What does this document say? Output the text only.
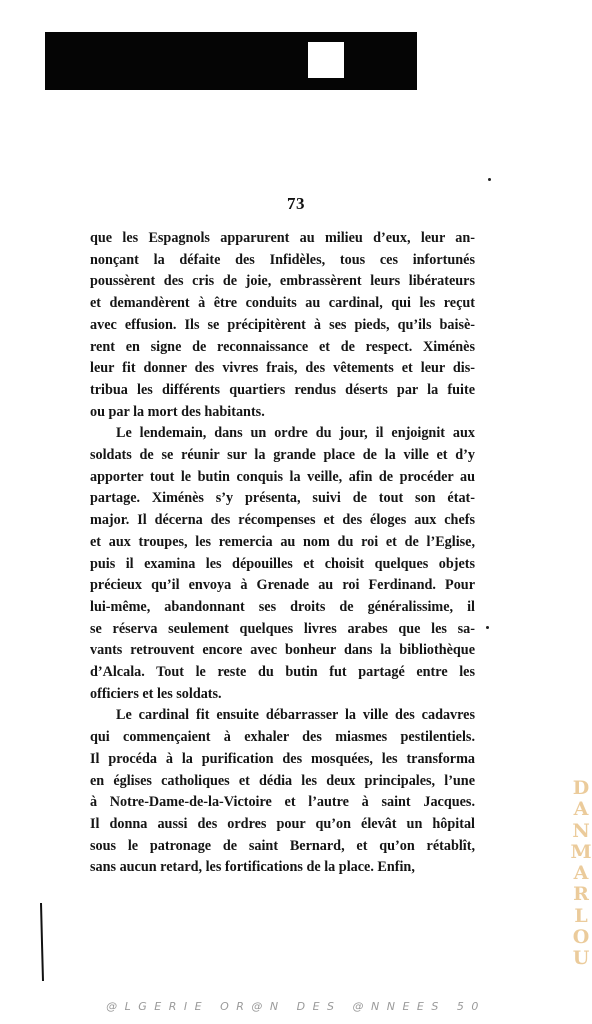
73
que les Espagnols apparurent au milieu d’eux, leur an-
nonçant la défaite des Infidèles, tous ces infortunés
poussèrent des cris de joie, embrassèrent leurs libérateurs
et demandèrent à être conduits au cardinal, qui les reçut
avec effusion. Ils se précipitèrent à ses pieds, qu’ils baisè-
rent en signe de reconnaissance et de respect. Ximénès
leur fit donner des vivres frais, des vêtements et leur dis-
tribua les différents quartiers rendus déserts par la fuite
ou par la mort des habitants.
Le lendemain, dans un ordre du jour, il enjoignit aux
soldats de se réunir sur la grande place de la ville et d’y
apporter tout le butin conquis la veille, afin de procéder au
partage. Ximénès s’y présenta, suivi de tout son état-
major. Il décerna des récompenses et des éloges aux chefs
et aux troupes, les remercia au nom du roi et de l’Eglise,
puis il examina les dépouilles et choisit quelques objets
précieux qu’il envoya à Grenade au roi Ferdinand. Pour
lui-même, abandonnant ses droits de généralissime, il
se réserva seulement quelques livres arabes que les sa-
vants retrouvent encore avec bonheur dans la bibliothèque
d’Alcala. Tout le reste du butin fut partagé entre les
officiers et les soldats.
Le cardinal fit ensuite débarrasser la ville des cadavres
qui commençaient à exhaler des miasmes pestilentiels.
Il procéda à la purification des mosquées, les transforma
en églises catholiques et dédia les deux principales, l’une
à Notre-Dame-de-la-Victoire et l’autre à saint Jacques.
Il donna aussi des ordres pour qu’on élevât un hôpital
sous le patronage de saint Bernard, et qu’on rétablît,
sans aucun retard, les fortifications de la place. Enfin,
D
A
N
M
A
R
L
O
U
@LGERIE OR@N DES @NNEES 50
